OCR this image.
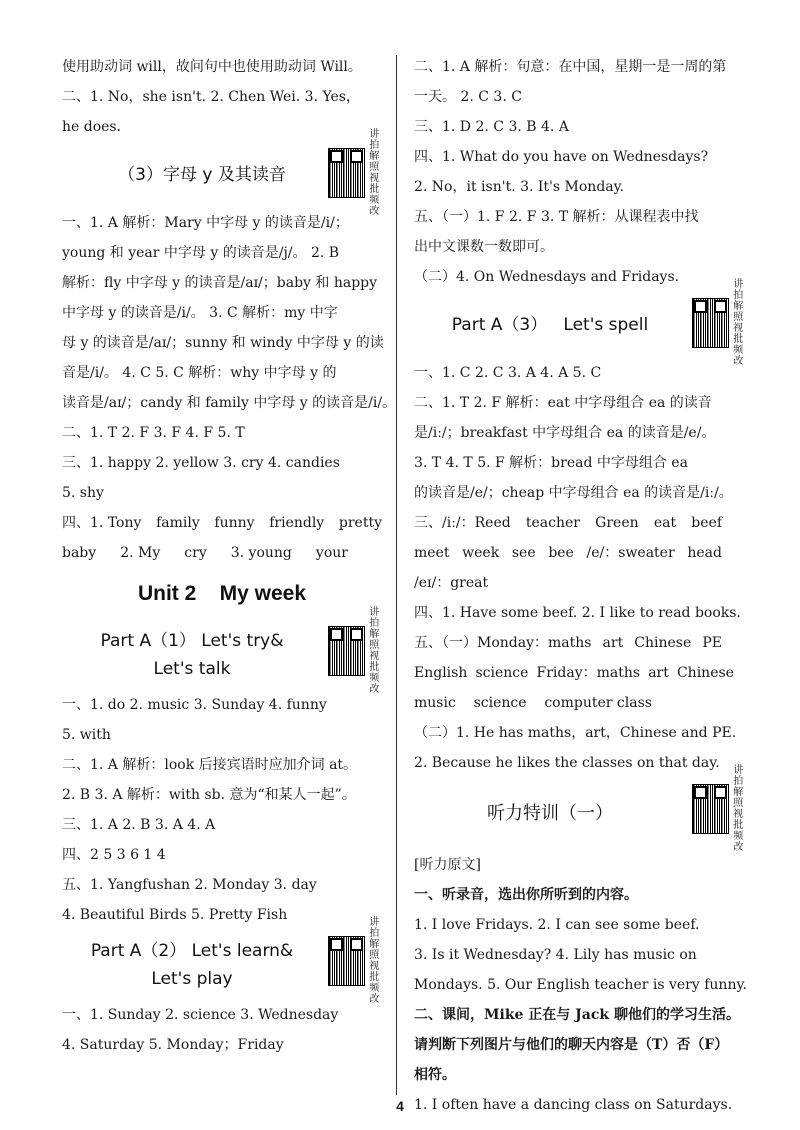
使用助动词 will，故问句中也使用助动词 Will。
二、1. No，she isn't. 2. Chen Wei. 3. Yes，
he does.
（3）字母 y 及其读音
讲拍解照视批频改
一、1. A 解析：Mary 中字母 y 的读音是/i/；
young 和 year 中字母 y 的读音是/j/。 2. B
解析：fly 中字母 y 的读音是/aɪ/；baby 和 happy
中字母 y 的读音是/i/。 3. C 解析：my 中字
母 y 的读音是/aɪ/；sunny 和 windy 中字母 y 的读
音是/i/。 4. C 5. C 解析：why 中字母 y 的
读音是/aɪ/；candy 和 family 中字母 y 的读音是/i/。
二、1. T 2. F 3. F 4. F 5. T
三、1. happy 2. yellow 3. cry 4. candies
5. shy
四、1. Tony family funny friendly pretty
baby 2. My cry 3. young your
Unit 2    My week
Part A（1） Let's try&
Let's talk
讲拍解照视批频改
一、1. do 2. music 3. Sunday 4. funny
5. with
二、1. A 解析：look 后接宾语时应加介词 at。
2. B 3. A 解析：with sb. 意为“和某人一起”。
三、1. A 2. B 3. A 4. A
四、2 5 3 6 1 4
五、1. Yangfushan 2. Monday 3. day
4. Beautiful Birds 5. Pretty Fish
Part A（2） Let's learn&
Let's play
讲拍解照视批频改
一、1. Sunday 2. science 3. Wednesday
4. Saturday 5. Monday；Friday
二、1. A 解析：句意：在中国，星期一是一周的第
一天。 2. C 3. C
三、1. D 2. C 3. B 4. A
四、1. What do you have on Wednesdays?
2. No，it isn't. 3. It's Monday.
五、（一）1. F 2. F 3. T 解析：从课程表中找
出中文课数一数即可。
（二）4. On Wednesdays and Fridays.
Part A（3）   Let's spell
讲拍解照视批频改
一、1. C 2. C 3. A 4. A 5. C
二、1. T 2. F 解析：eat 中字母组合 ea 的读音
是/iː/；breakfast 中字母组合 ea 的读音是/e/。
3. T 4. T 5. F 解析：bread 中字母组合 ea
的读音是/e/；cheap 中字母组合 ea 的读音是/iː/。
三、/iː/：Reed teacher Green eat beef
meet week see bee /e/：sweater head
/eɪ/：great
四、1. Have some beef. 2. I like to read books.
五、（一）Monday：maths art Chinese PE
English science Friday：maths art Chinese
music    science    computer class
（二）1. He has maths，art，Chinese and PE.
2. Because he likes the classes on that day.
听力特训（一）
讲拍解照视批频改
[听力原文]
一、听录音，选出你所听到的内容。
1. I love Fridays. 2. I can see some beef.
3. Is it Wednesday? 4. Lily has music on
Mondays. 5. Our English teacher is very funny.
二、课间，Mike 正在与 Jack 聊他们的学习生活。
请判断下列图片与他们的聊天内容是（T）否（F）
相符。
1. I often have a dancing class on Saturdays.
4
